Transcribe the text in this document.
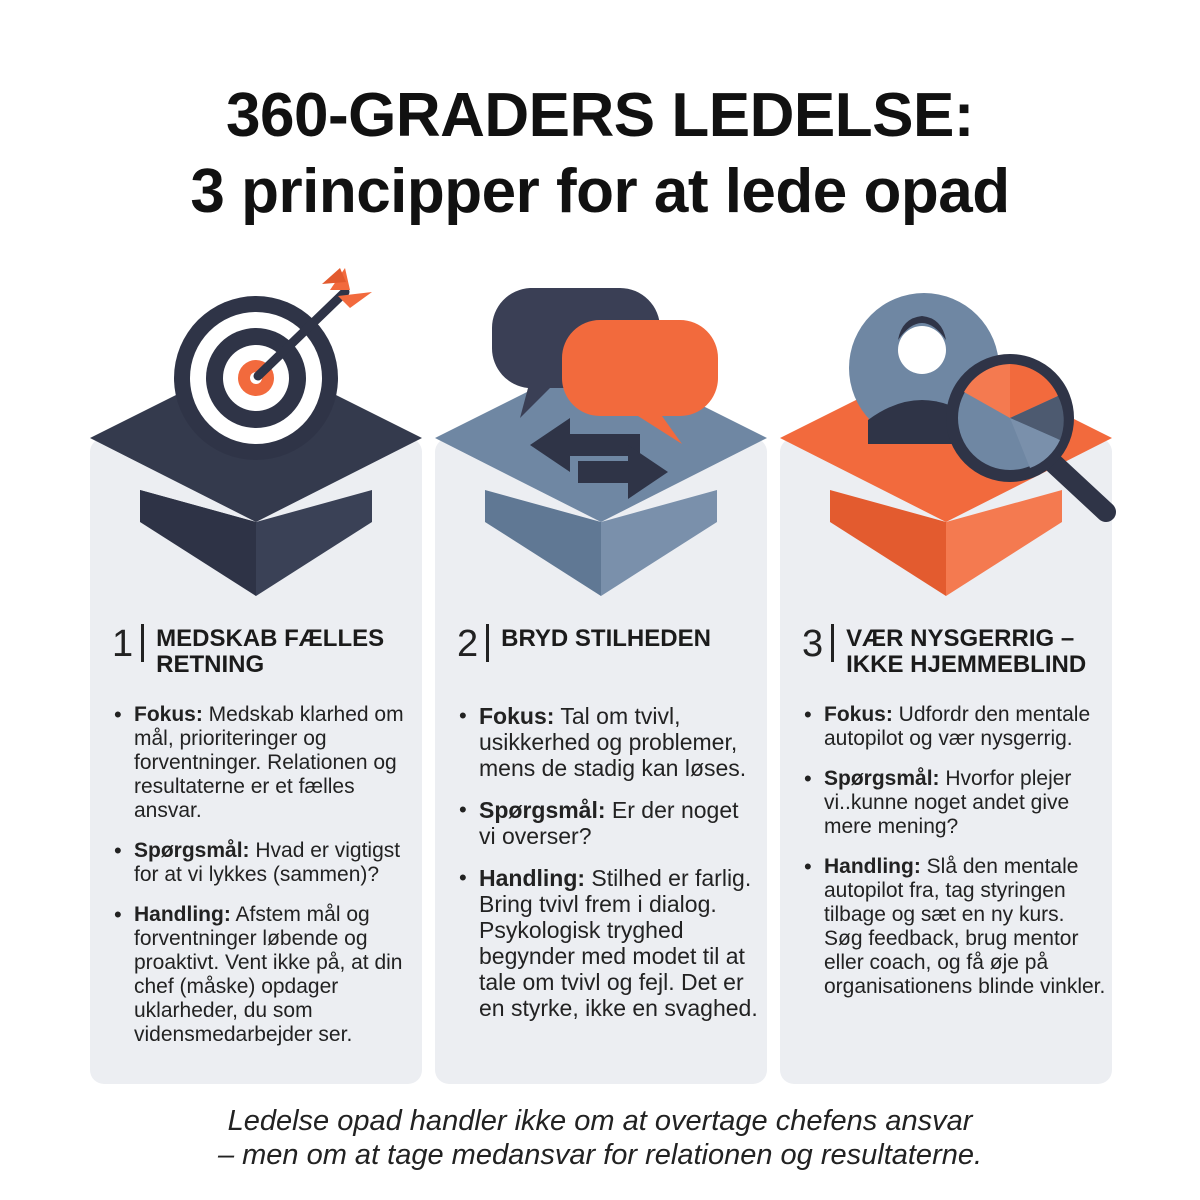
360-GRADERS LEDELSE:
3 principper for at lede opad
1 MEDSKAB FÆLLES RETNING
• Fokus: Medskab klarhed om mål, prioriteringer og forventninger. Relationen og resultaterne er et fælles ansvar.
• Spørgsmål: Hvad er vigtigst for at vi lykkes (sammen)?
• Handling: Afstem mål og forventninger løbende og proaktivt. Vent ikke på, at din chef (måske) opdager uklarheder, du som vidensmedarbejder ser.
2 BRYD STILHEDEN
• Fokus: Tal om tvivl, usikkerhed og problemer, mens de stadig kan løses.
• Spørgsmål: Er der noget vi overser?
• Handling: Stilhed er farlig. Bring tvivl frem i dialog. Psykologisk tryghed begynder med modet til at tale om tvivl og fejl. Det er en styrke, ikke en svaghed.
3 VÆR NYSGERRIG – IKKE HJEMMEBLIND
• Fokus: Udfordr den mentale autopilot og vær nysgerrig.
• Spørgsmål: Hvorfor plejer vi..kunne noget andet give mere mening?
• Handling: Slå den mentale autopilot fra, tag styringen tilbage og sæt en ny kurs. Søg feedback, brug mentor eller coach, og få øje på organisationens blinde vinkler.
Ledelse opad handler ikke om at overtage chefens ansvar
– men om at tage medansvar for relationen og resultaterne.
